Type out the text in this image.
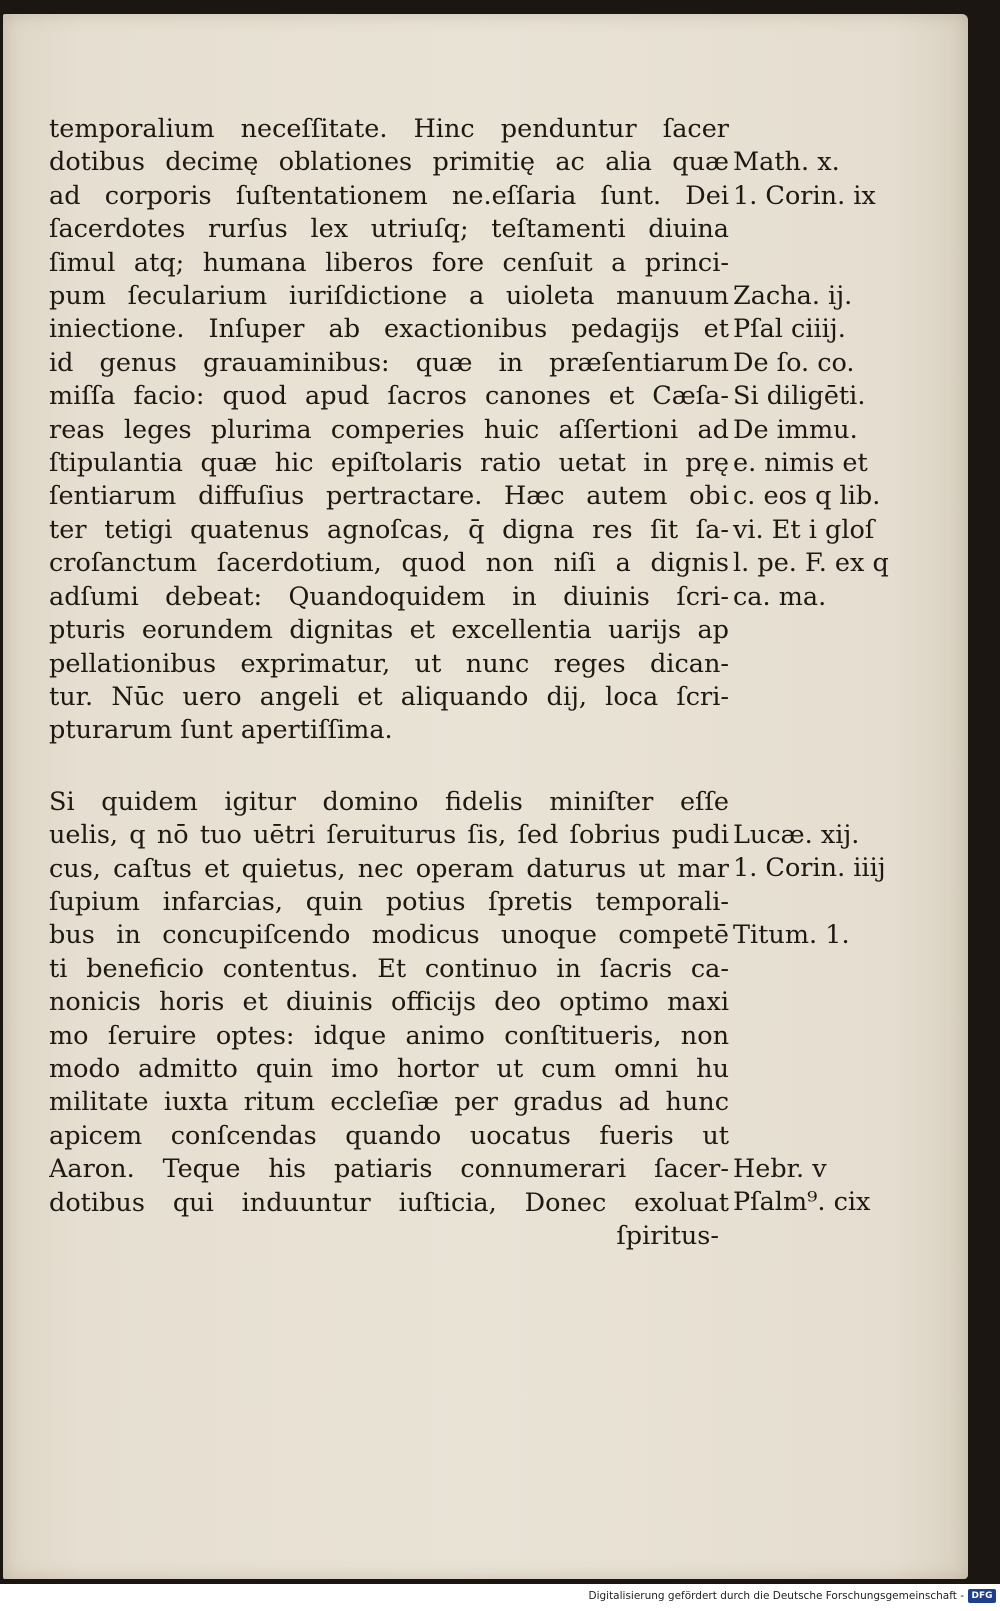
temporalium neceſſitate. Hinc penduntur ſacer
dotibus decimę oblationes primitię ac alia quæ
ad corporis ſuſtentationem ne.eſſaria ſunt. Dei
ſacerdotes rurſus lex utriuſq; teſtamenti diuina
ſimul atq; humana liberos fore cenſuit a princi-
pum ſecularium iuriſdictione a uioleta manuum
iniectione. Inſuper ab exactionibus pedagijs et
id genus grauaminibus: quæ in præſentiarum
miſſa facio: quod apud ſacros canones et Cæſa-
reas leges plurima comperies huic aſſertioni ad
ſtipulantia quæ hic epiſtolaris ratio uetat in prę
ſentiarum diffuſius pertractare. Hæc autem obi
ter tetigi quatenus agnoſcas, q̄ digna res ſit ſa-
croſanctum ſacerdotium, quod non niſi a dignis
adſumi debeat: Quandoquidem in diuinis ſcri-
pturis eorundem dignitas et excellentia uarijs ap
pellationibus exprimatur, ut nunc reges dican-
tur. Nūc uero angeli et aliquando dij, loca ſcri-
pturarum ſunt apertiſſima.

Si quidem igitur domino fidelis miniſter eſſe
uelis, q nō tuo uētri ſeruiturus ſis, ſed ſobrius pudi
cus, caſtus et quietus, nec operam daturus ut mar
ſupium infarcias, quin potius ſpretis temporali-
bus in concupiſcendo modicus unoque competē
ti beneficio contentus. Et continuo in ſacris ca-
nonicis horis et diuinis officijs deo optimo maxi
mo ſeruire optes: idque animo conſtitueris, non
modo admitto quin imo hortor ut cum omni hu
militate iuxta ritum eccleſiæ per gradus ad hunc
apicem conſcendas quando uocatus fueris ut
Aaron. Teque his patiaris connumerari ſacer-
dotibus qui induuntur iuſticia, Donec exoluat

ſpiritus-
Math. x.
1. Corin. ix
Zacha. ij.
Pſal ciiij.
De ſo. co.
Si diligēti.
De immu.
e. nimis et
c. eos q lib.
vi. Et i gloſ
l. pe. F. ex q
ca. ma.
Lucæ. xij.
1. Corin. iiij
Titum. 1.
Hebr. v
Pſalm⁹. cix
Digitalisierung gefördert durch die Deutsche Forschungsgemeinschaft - DFG
